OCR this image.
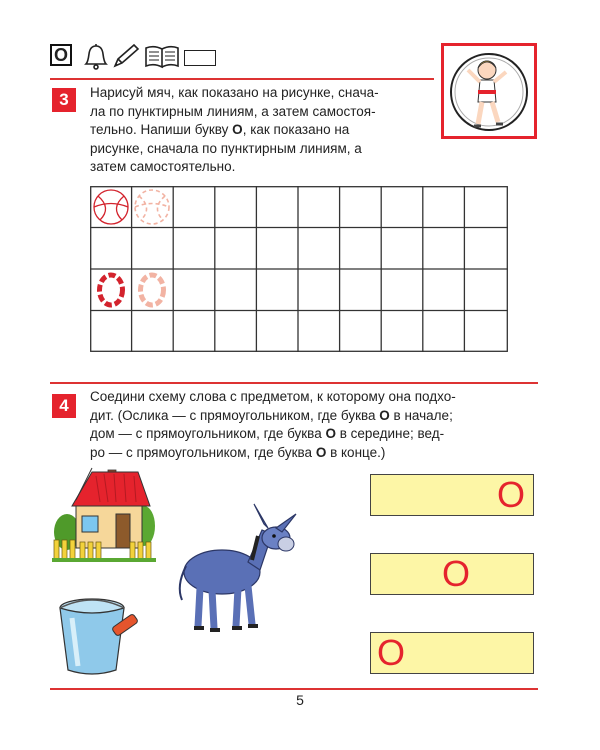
О
3	Нарисуй мяч, как показано на рисунке, снача-
ла по пунктирным линиям, а затем самостоя-
тельно. Напиши букву О, как показано на
рисунке, сначала по пунктирным линиям, а
затем самостоятельно.
4	Соедини схему слова с предметом, к которому она подхо-
дит. (Ослика — с прямоугольником, где буква О в начале;
дом — с прямоугольником, где буква О в середине; вед-
ро — с прямоугольником, где буква О в конце.)
О
О
О
5
